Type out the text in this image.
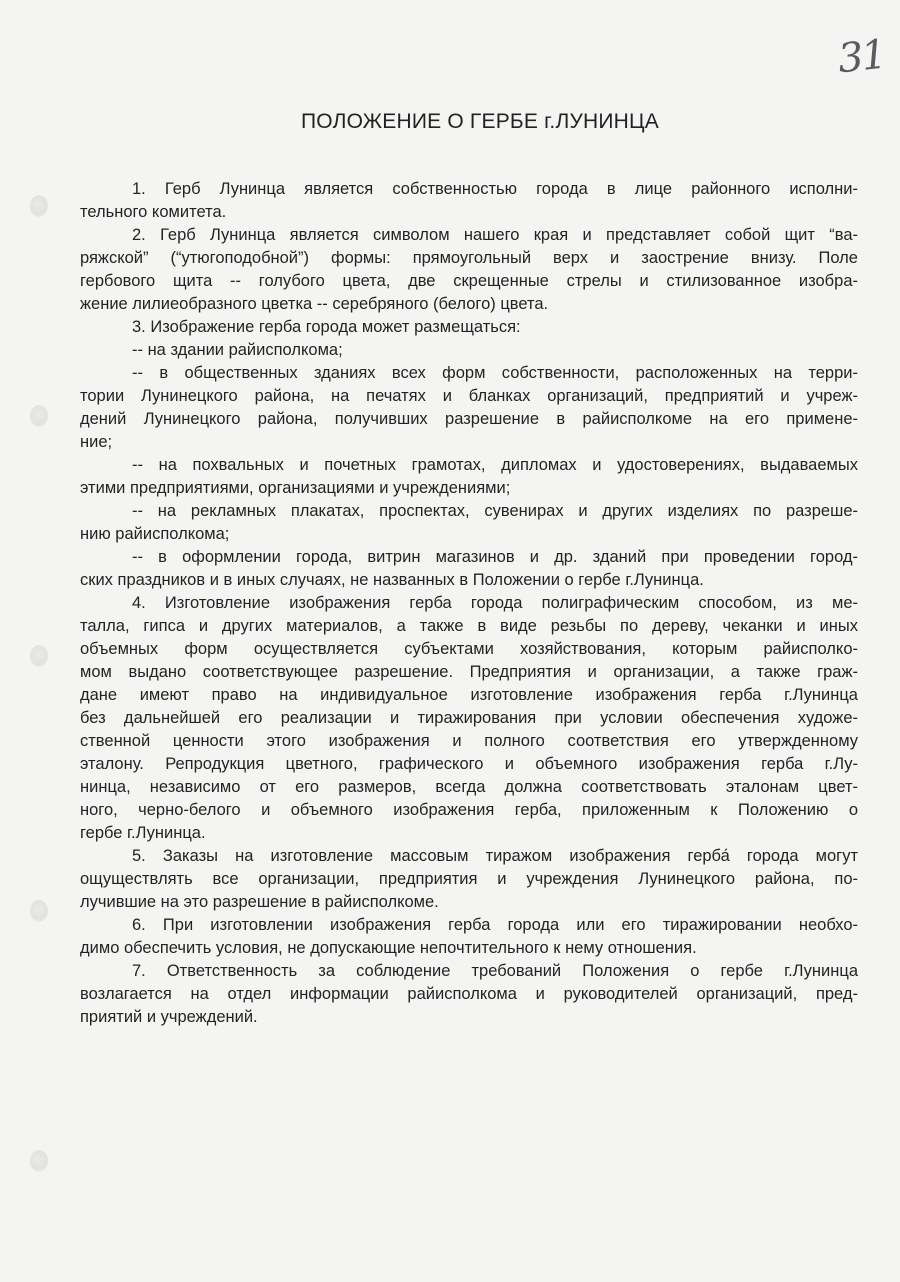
31
ПОЛОЖЕНИЕ О ГЕРБЕ г.ЛУНИНЦА
1. Герб Лунинца является собственностью города в лице районного исполни-
тельного комитета.
2. Герб Лунинца является символом нашего края и представляет собой щит “ва-
ряжской” (“утюгоподобной”) формы: прямоугольный верх и заострение внизу. Поле
гербового щита -- голубого цвета, две скрещенные стрелы и стилизованное изобра-
жение лилиеобразного цветка -- серебряного (белого) цвета.
3. Изображение герба города может размещаться:
-- на здании райисполкома;
-- в общественных зданиях всех форм собственности, расположенных на терри-
тории Лунинецкого района, на печатях и бланках организаций, предприятий и учреж-
дений Лунинецкого района, получивших разрешение в райисполкоме на его примене-
ние;
-- на похвальных и почетных грамотах, дипломах и удостоверениях, выдаваемых
этими предприятиями, организациями и учреждениями;
-- на рекламных плакатах, проспектах, сувенирах и других изделиях по разреше-
нию райисполкома;
-- в оформлении города, витрин магазинов и др. зданий при проведении город-
ских праздников и в иных случаях, не названных в Положении о гербе г.Лунинца.
4. Изготовление изображения герба города полиграфическим способом, из ме-
талла, гипса и других материалов, а также в виде резьбы по дереву, чеканки и иных
объемных форм осуществляется субъектами хозяйствования, которым райисполко-
мом выдано соответствующее разрешение. Предприятия и организации, а также граж-
дане имеют право на индивидуальное изготовление изображения герба г.Лунинца
без дальнейшей его реализации и тиражирования при условии обеспечения художе-
ственной ценности этого изображения и полного соответствия его утвержденному
эталону. Репродукция цветного, графического и объемного изображения герба г.Лу-
нинца, независимо от его размеров, всегда должна соответствовать эталонам цвет-
ного, черно-белого и объемного изображения герба, приложенным к Положению о
гербе г.Лунинца.
5. Заказы на изготовление массовым тиражом изображения герба́ города могут
ощуществлять все организации, предприятия и учреждения Лунинецкого района, по-
лучившие на это разрешение в райисполкоме.
6. При изготовлении изображения герба города или его тиражировании необхо-
димо обеспечить условия, не допускающие непочтительного к нему отношения.
7. Ответственность за соблюдение требований Положения о гербе г.Лунинца
возлагается на отдел информации райисполкома и руководителей организаций, пред-
приятий и учреждений.
